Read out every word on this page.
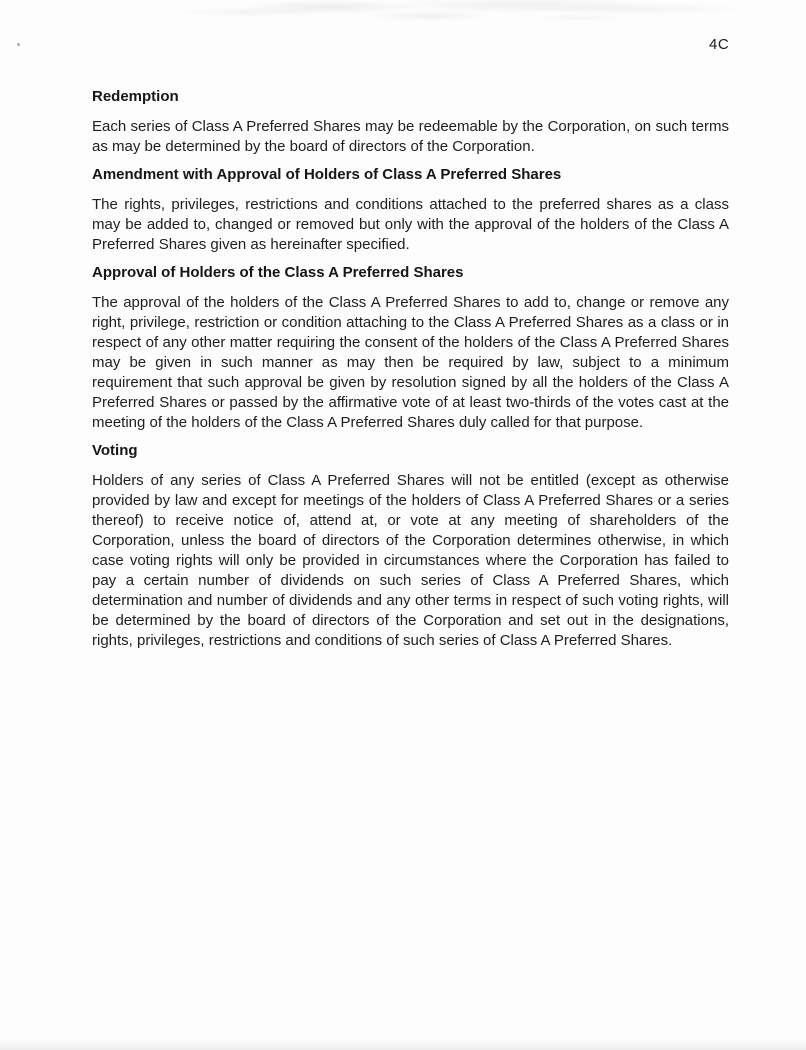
4C
Redemption

Each series of Class A Preferred Shares may be redeemable by the Corporation, on such terms as may be determined by the board of directors of the Corporation.

Amendment with Approval of Holders of Class A Preferred Shares

The rights, privileges, restrictions and conditions attached to the preferred shares as a class may be added to, changed or removed but only with the approval of the holders of the Class A Preferred Shares given as hereinafter specified.

Approval of Holders of the Class A Preferred Shares

The approval of the holders of the Class A Preferred Shares to add to, change or remove any right, privilege, restriction or condition attaching to the Class A Preferred Shares as a class or in respect of any other matter requiring the consent of the holders of the Class A Preferred Shares may be given in such manner as may then be required by law, subject to a minimum requirement that such approval be given by resolution signed by all the holders of the Class A Preferred Shares or passed by the affirmative vote of at least two-thirds of the votes cast at the meeting of the holders of the Class A Preferred Shares duly called for that purpose.

Voting

Holders of any series of Class A Preferred Shares will not be entitled (except as otherwise provided by law and except for meetings of the holders of Class A Preferred Shares or a series thereof) to receive notice of, attend at, or vote at any meeting of shareholders of the Corporation, unless the board of directors of the Corporation determines otherwise, in which case voting rights will only be provided in circumstances where the Corporation has failed to pay a certain number of dividends on such series of Class A Preferred Shares, which determination and number of dividends and any other terms in respect of such voting rights, will be determined by the board of directors of the Corporation and set out in the designations, rights, privileges, restrictions and conditions of such series of Class A Preferred Shares.
